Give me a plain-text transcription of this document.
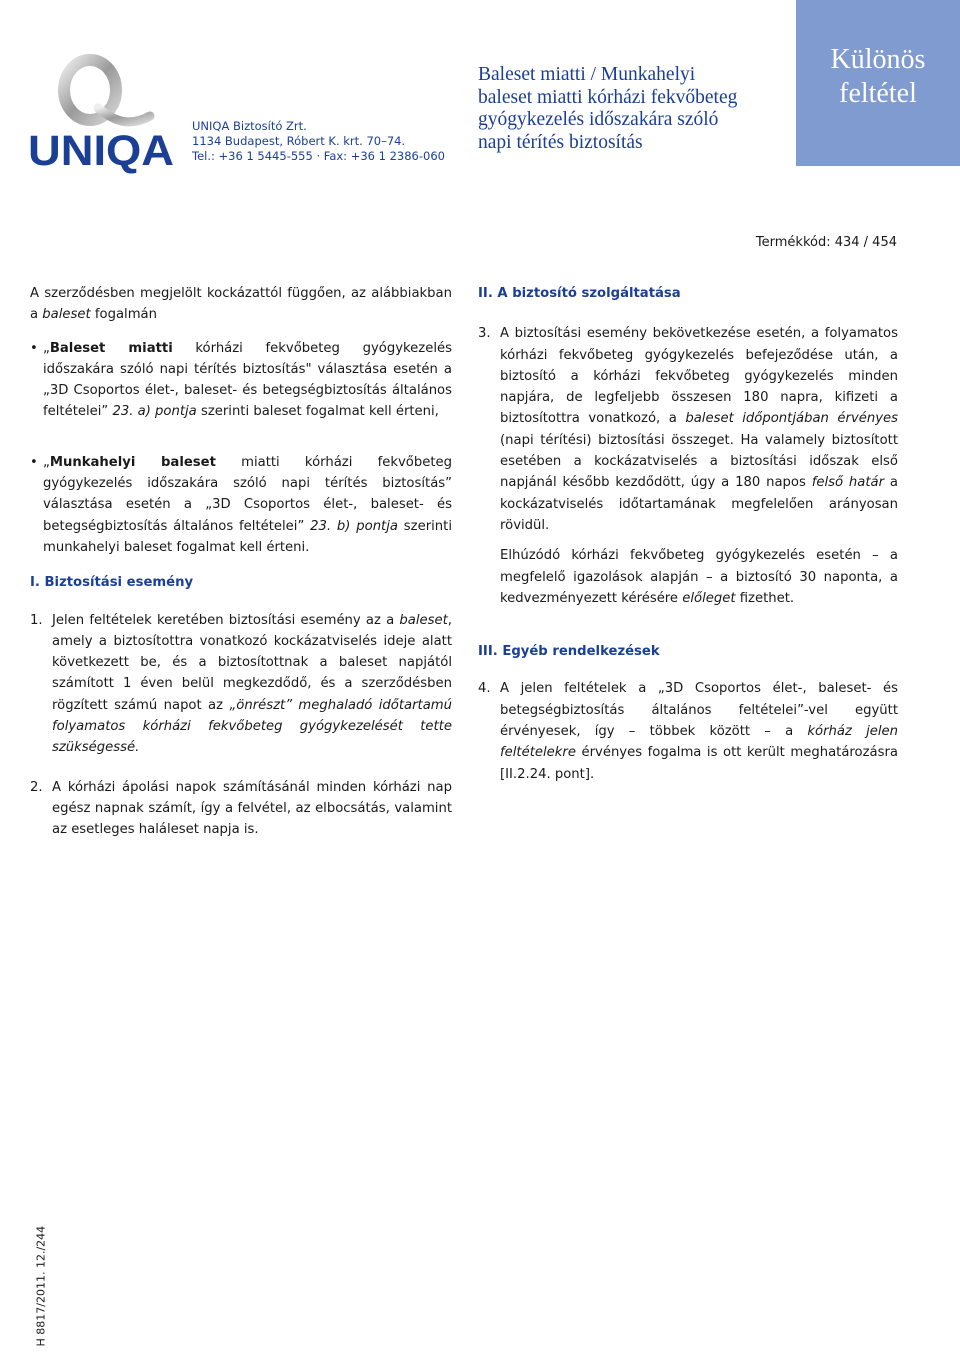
UNIQA
UNIQA Biztosító Zrt.
1134 Budapest, Róbert K. krt. 70–74.
Tel.: +36 1 5445-555 · Fax: +36 1 2386-060
Baleset miatti / Munkahelyi
baleset miatti kórházi fekvőbeteg
gyógykezelés időszakára szóló
napi térítés biztosítás
Különös
feltétel
Termékkód: 434 / 454

A szerződésben megjelölt kockázattól függően, az alábbiakban a baleset fogalmán

• „Baleset miatti kórházi fekvőbeteg gyógykezelés időszakára szóló napi térítés biztosítás" választása esetén a „3D Csoportos élet-, baleset- és betegségbiztosítás általános feltételei” 23. a) pontja szerinti baleset fogalmat kell érteni,
• „Munkahelyi baleset miatti kórházi fekvőbeteg gyógykezelés időszakára szóló napi térítés biztosítás” választása esetén a „3D Csoportos élet-, baleset- és betegségbiztosítás általános feltételei” 23. b) pontja szerinti munkahelyi baleset fogalmat kell érteni.

I. Biztosítási esemény

1. Jelen feltételek keretében biztosítási esemény az a baleset, amely a biztosítottra vonatkozó kockázatviselés ideje alatt következett be, és a biztosítottnak a baleset napjától számított 1 éven belül megkezdődő, és a szerződésben rögzített számú napot az „önrészt” meghaladó időtartamú folyamatos kórházi fekvőbeteg gyógykezelését tette szükségessé.
2. A kórházi ápolási napok számításánál minden kórházi nap egész napnak számít, így a felvétel, az elbocsátás, valamint az esetleges haláleset napja is.

II. A biztosító szolgáltatása

3. A biztosítási esemény bekövetkezése esetén, a folyamatos kórházi fekvőbeteg gyógykezelés befejeződése után, a biztosító a kórházi fekvőbeteg gyógykezelés minden napjára, de legfeljebb összesen 180 napra, kifizeti a biztosítottra vonatkozó, a baleset időpontjában érvényes (napi térítési) biztosítási összeget. Ha valamely biztosított esetében a kockázatviselés a biztosítási időszak első napjánál később kezdődött, úgy a 180 napos felső határ a kockázatviselés időtartamának megfelelően arányosan rövidül.
Elhúzódó kórházi fekvőbeteg gyógykezelés esetén – a megfelelő igazolások alapján – a biztosító 30 naponta, a kedvezményezett kérésére előleget fizethet.

III. Egyéb rendelkezések

4. A jelen feltételek a „3D Csoportos élet-, baleset- és betegségbiztosítás általános feltételei”-vel együtt érvényesek, így – többek között – a kórház jelen feltételekre érvényes fogalma is ott került meghatározásra [II.2.24. pont].
H 8817/2011. 12./244
